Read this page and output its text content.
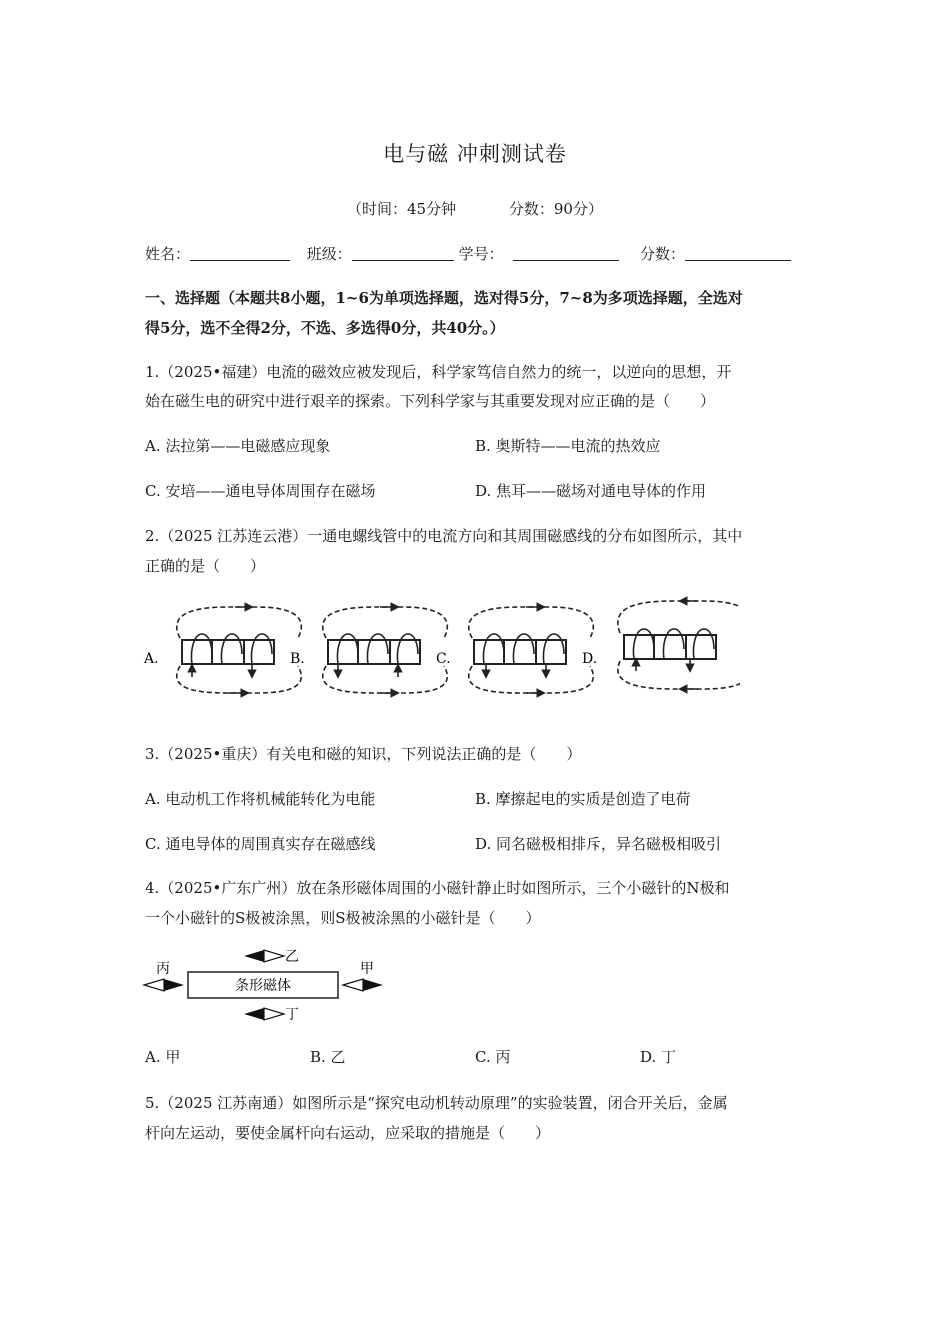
电与磁 冲刺测试卷
（时间：45分钟	分数：90分）
姓名：	班级：	学号：	分数：
一、选择题（本题共8小题，1~6为单项选择题，选对得5分，7~8为多项选择题，全选对
得5分，选不全得2分，不选、多选得0分，共40分。）
1.（2025•福建）电流的磁效应被发现后，科学家笃信自然力的统一，以逆向的思想，开
始在磁生电的研究中进行艰辛的探索。下列科学家与其重要发现对应正确的是（　　）
A. 法拉第——电磁感应现象	B. 奥斯特——电流的热效应
C. 安培——通电导体周围存在磁场	D. 焦耳——磁场对通电导体的作用
2.（2025 江苏连云港）一通电螺线管中的电流方向和其周围磁感线的分布如图所示，其中
正确的是（　　）
A.	B.	C.	D.
3.（2025•重庆）有关电和磁的知识，下列说法正确的是（　　）
A. 电动机工作将机械能转化为电能	B. 摩擦起电的实质是创造了电荷
C. 通电导体的周围真实存在磁感线	D. 同名磁极相排斥，异名磁极相吸引
4.（2025•广东广州）放在条形磁体周围的小磁针静止时如图所示，三个小磁针的N极和
一个小磁针的S极被涂黑，则S极被涂黑的小磁针是（　　）
条形磁体
乙
丁
丙	甲
A. 甲	B. 乙	C. 丙	D. 丁
5.（2025 江苏南通）如图所示是“探究电动机转动原理”的实验装置，闭合开关后，金属
杆向左运动，要使金属杆向右运动，应采取的措施是（　　）
